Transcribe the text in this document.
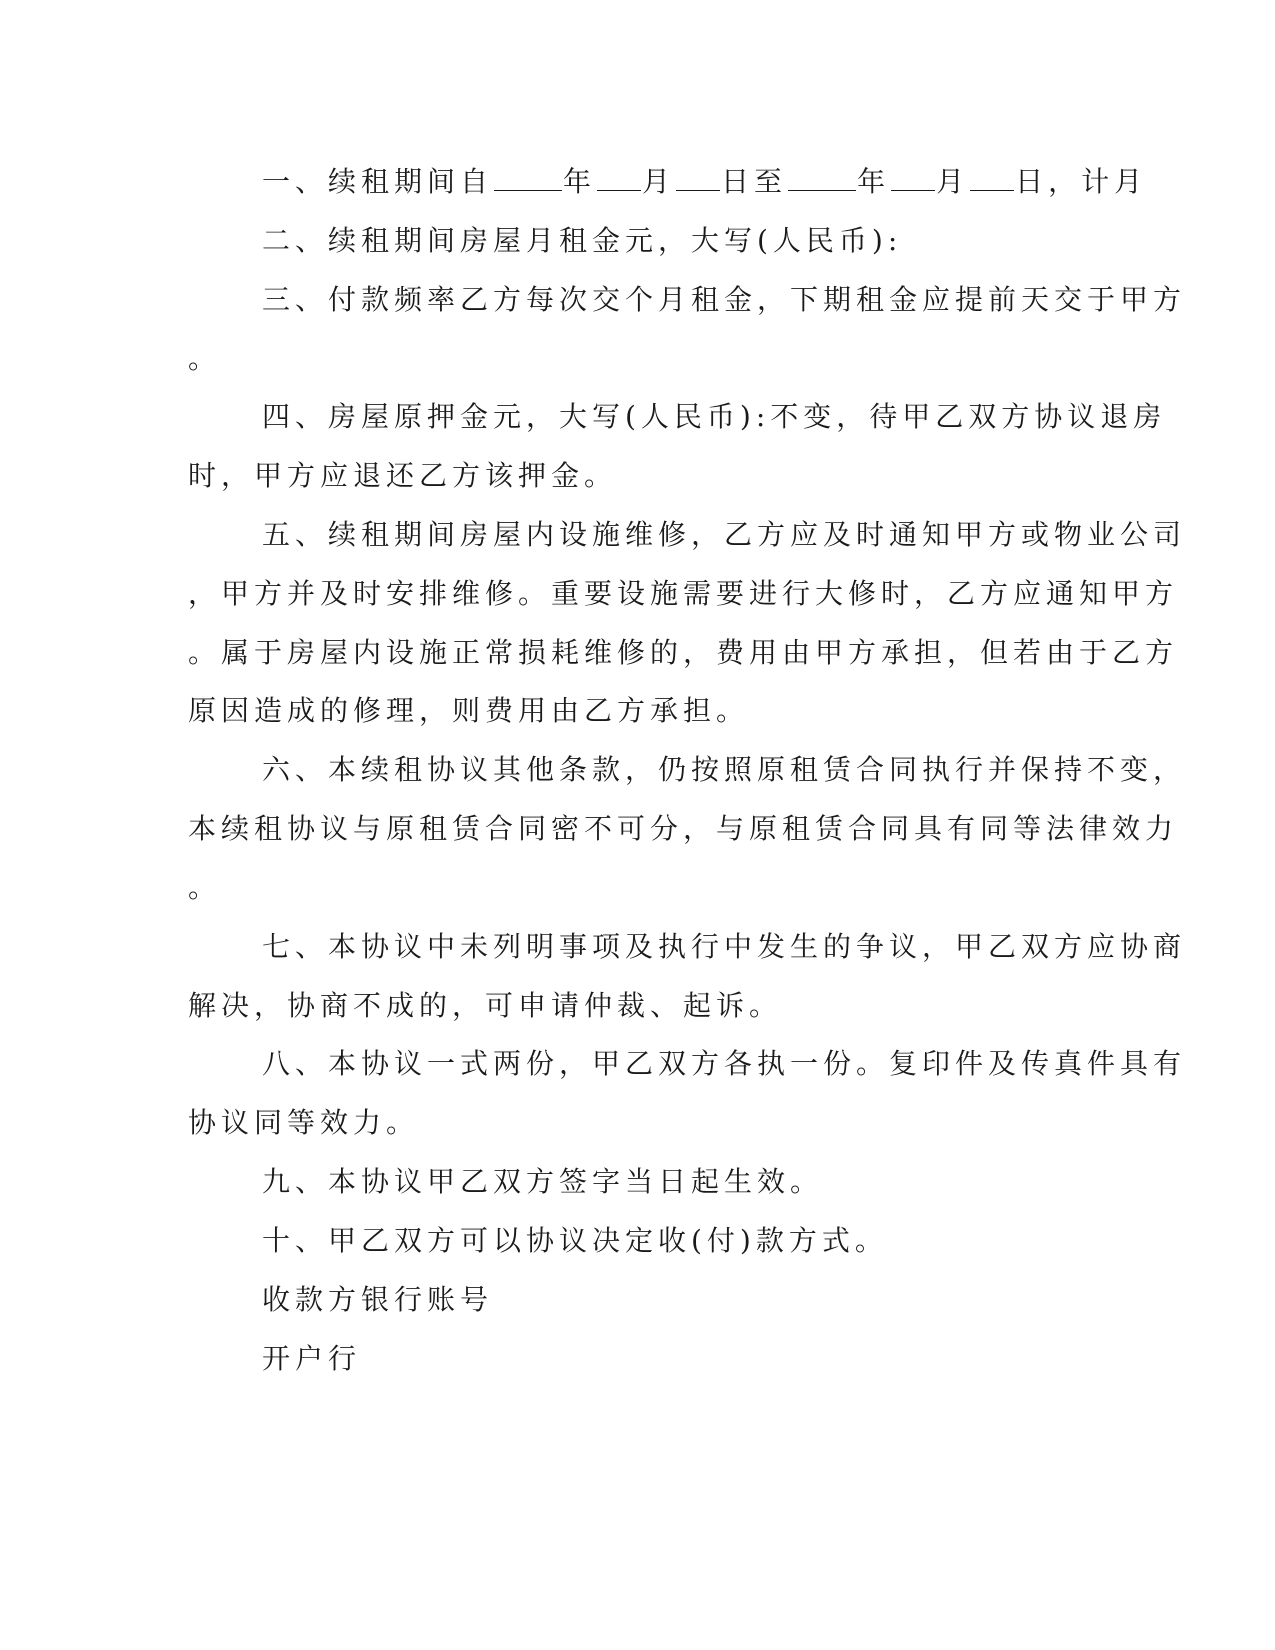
一、续租期间自	年 月 日至	年 月 日，计月
二、续租期间房屋月租金元，大写(人民币):
三、付款频率乙方每次交个月租金，下期租金应提前天交于甲方
。
四、房屋原押金元，大写(人民币):不变，待甲乙双方协议退房
时，甲方应退还乙方该押金。
五、续租期间房屋内设施维修，乙方应及时通知甲方或物业公司
，甲方并及时安排维修。重要设施需要进行大修时，乙方应通知甲方
。属于房屋内设施正常损耗维修的，费用由甲方承担，但若由于乙方
原因造成的修理，则费用由乙方承担。
六、本续租协议其他条款，仍按照原租赁合同执行并保持不变，
本续租协议与原租赁合同密不可分，与原租赁合同具有同等法律效力
。
七、本协议中未列明事项及执行中发生的争议，甲乙双方应协商
解决，协商不成的，可申请仲裁、起诉。
八、本协议一式两份，甲乙双方各执一份。复印件及传真件具有
协议同等效力。
九、本协议甲乙双方签字当日起生效。
十、甲乙双方可以协议决定收(付)款方式。
收款方银行账号
开户行
